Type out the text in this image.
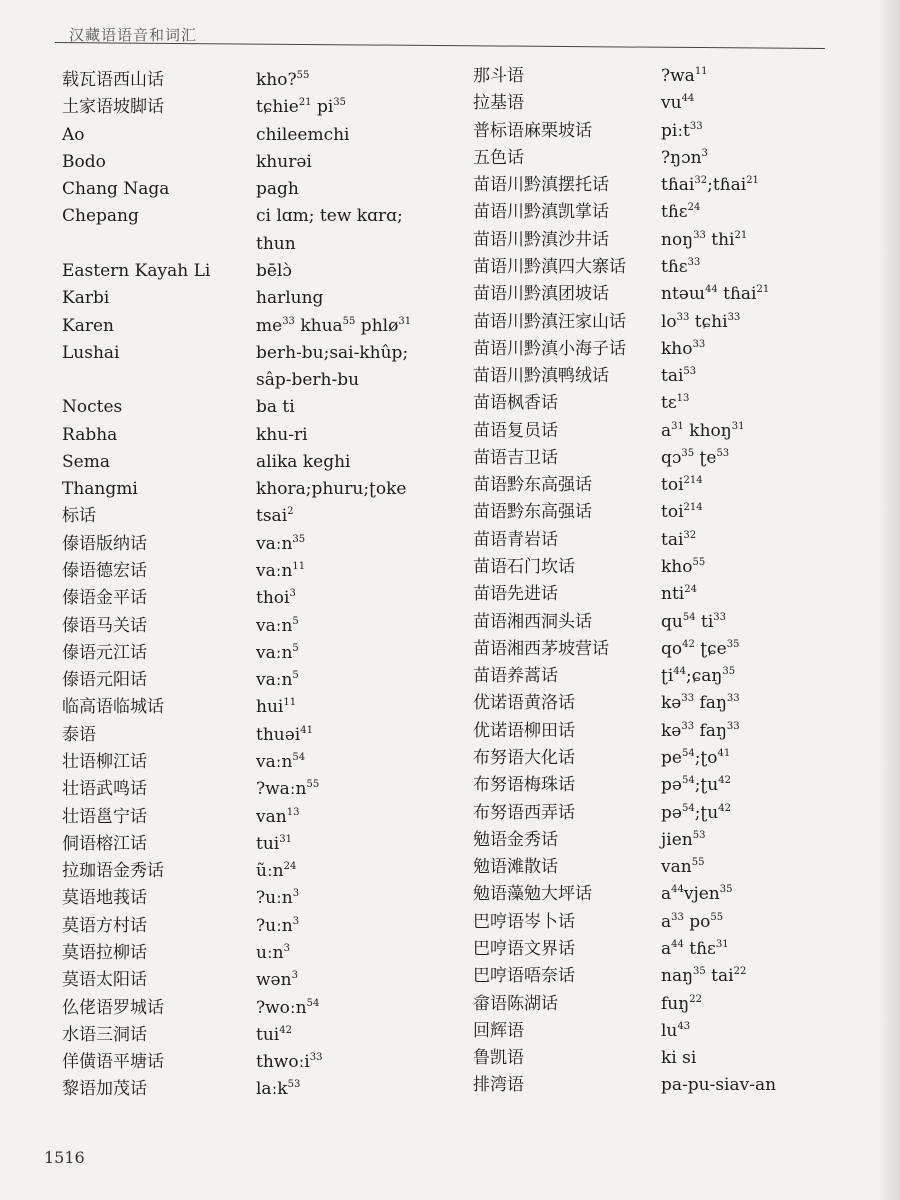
汉藏语语音和词汇
载瓦语西山话	kho?$^{55}$
土家语坡脚话	tɕhie$^{21}$ $pi^{35}$
Ao	chileemchi
Bodo	khurəi
Chang Naga	pagh
Chepang	ci lɑm; tew kɑrɑ;
thun
Eastern Kayah Li	bēlɔ̀
Karbi	harlung
Karen	$me^{33}$ khua$^{55}$ phlø$^{31}$
Lushai	berh-bu;sai-khûp;
sâp-berh-bu
Noctes	ba ti
Rabha	khu-ri
Sema	alika keghi
Thangmi	khora;phuru;ʈoke
标话	tsai$^2$
傣语版纳话	vaːn$^{35}$
傣语德宏话	vaːn$^{11}$
傣语金平话	thoi$^3$
傣语马关话	vaːn$^5$
傣语元江话	vaːn$^5$
傣语元阳话	vaːn$^5$
临高语临城话	hui$^{11}$
泰语	thuəi$^{41}$
壮语柳江话	vaːn$^{54}$
壮语武鸣话	?waːn$^{55}$
壮语邕宁话	van$^{13}$
侗语榕江话	tui$^{31}$
拉珈语金秀话	ũːn$^{24}$
莫语地莪话	?uːn$^3$
莫语方村话	?uːn$^3$
莫语拉柳话	uːn$^3$
莫语太阳话	wən$^3$
仫佬语罗城话	?woːn$^{54}$
水语三洞话	tui$^{42}$
佯僙语平塘话	thwoːi$^{33}$
黎语加茂话	laːk$^{53}$
那斗语	$?wa^{11}$
拉基语	$vu^{44}$
普标语麻栗坡话	piːt$^{33}$
五色话	?ŋɔn$^3$
苗语川黔滇摆托话	tɦai$^{32}$;tɦai$^{21}$
苗语川黔滇凯掌话	tɦɛ$^{24}$
苗语川黔滇沙井话	noŋ$^{33}$ thi$^{21}$
苗语川黔滇四大寨话 tɦɛ$^{33}$
苗语川黔滇团坡话	ntəɯ$^{44}$ tɦai$^{21}$
苗语川黔滇汪家山话 $lo^{33}$ tɕhi$^{33}$
苗语川黔滇小海子话 kho$^{33}$
苗语川黔滇鸭绒话	tai$^{53}$
苗语枫香话	tɛ$^{13}$
苗语复员话	$a^{31}$ khoŋ$^{31}$
苗语吉卫话	qɔ$^{35}$ ʈe$^{53}$
苗语黔东高强话	toi$^{214}$
苗语黔东高强话	toi$^{214}$
苗语青岩话	tai$^{32}$
苗语石门坎话	kho$^{55}$
苗语先进话	nti$^{24}$
苗语湘西洞头话	$qu^{54}$ $ti^{33}$
苗语湘西茅坡营话	$qo^{42}$ ʈɕe$^{35}$
苗语养蒿话	ʈi$^{44}$;ɕaŋ$^{35}$
优诺语黄洛话	kə$^{33}$ faŋ$^{33}$
优诺语柳田话	kə$^{33}$ faŋ$^{33}$
布努语大化话	$pe^{54};ʈo^{41}$
布努语梅珠话	pə$^{54}$;ʈu$^{42}$
布努语西弄话	pə$^{54}$;ʈu$^{42}$
勉语金秀话	jien$^{53}$
勉语滩散话	van$^{55}$
勉语藻勉大坪话	$a^{44}vjen^{35}$
巴哼语岑卜话	$a^{33}$ $po^{55}$
巴哼语文界话	$a^{44}$ tɦɛ$^{31}$
巴哼语唔奈话	naŋ$^{35}$ tai$^{22}$
畲语陈湖话	fuŋ$^{22}$
回辉语	$lu^{43}$
鲁凯语	ki si
排湾语	pa-pu-siav-an
1516
